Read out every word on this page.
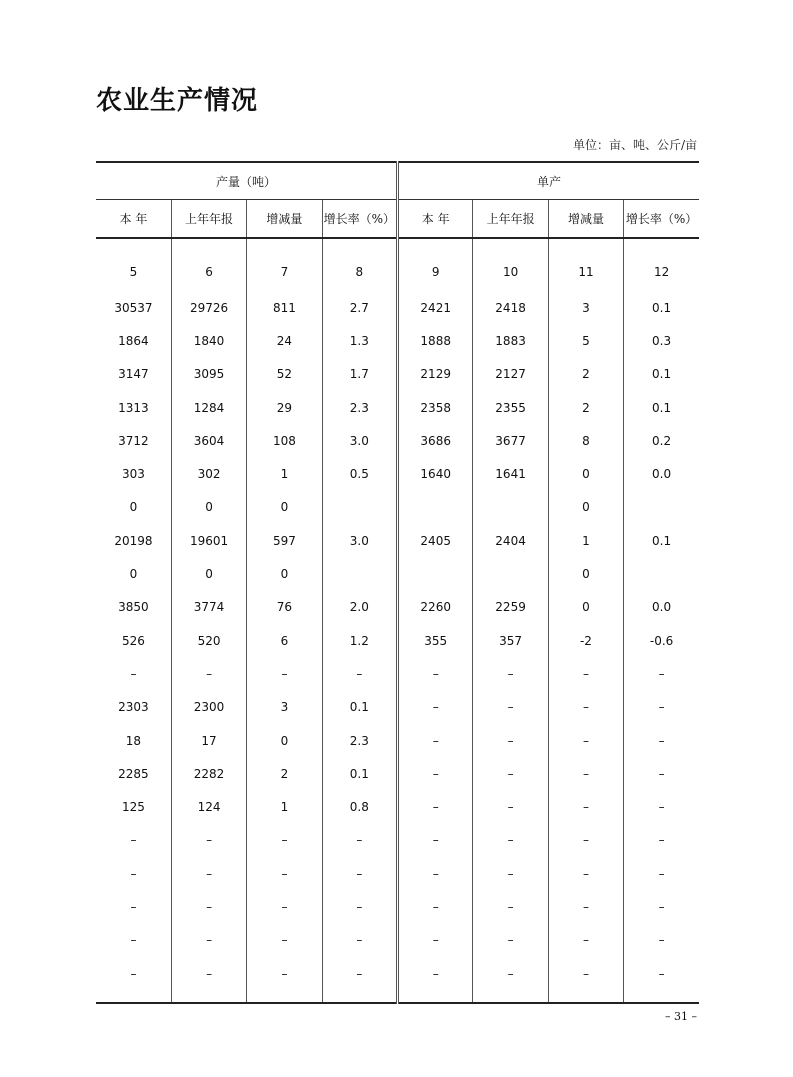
农业生产情况
单位：亩、吨、公斤/亩
产量（吨）				单产			
本 年	上年年报	增减量	增长率（%）	本 年	上年年报	增减量	增长率（%）
5	6	7	8	9	10	11	12
30537	29726	811	2.7	2421	2418	3	0.1
1864	1840	24	1.3	1888	1883	5	0.3
3147	3095	52	1.7	2129	2127	2	0.1
1313	1284	29	2.3	2358	2355	2	0.1
3712	3604	108	3.0	3686	3677	8	0.2
303	302	1	0.5	1640	1641	0	0.0
0	0	0				0	
20198	19601	597	3.0	2405	2404	1	0.1
0	0	0				0	
3850	3774	76	2.0	2260	2259	0	0.0
526	520	6	1.2	355	357	-2	-0.6
–	–	–	–	–	–	–	–
2303	2300	3	0.1	–	–	–	–
18	17	0	2.3	–	–	–	–
2285	2282	2	0.1	–	–	–	–
125	124	1	0.8	–	–	–	–
–	–	–	–	–	–	–	–
–	–	–	–	–	–	–	–
–	–	–	–	–	–	–	–
–	–	–	–	–	–	–	–
–	–	–	–	–	–	–	–
– 31 –
